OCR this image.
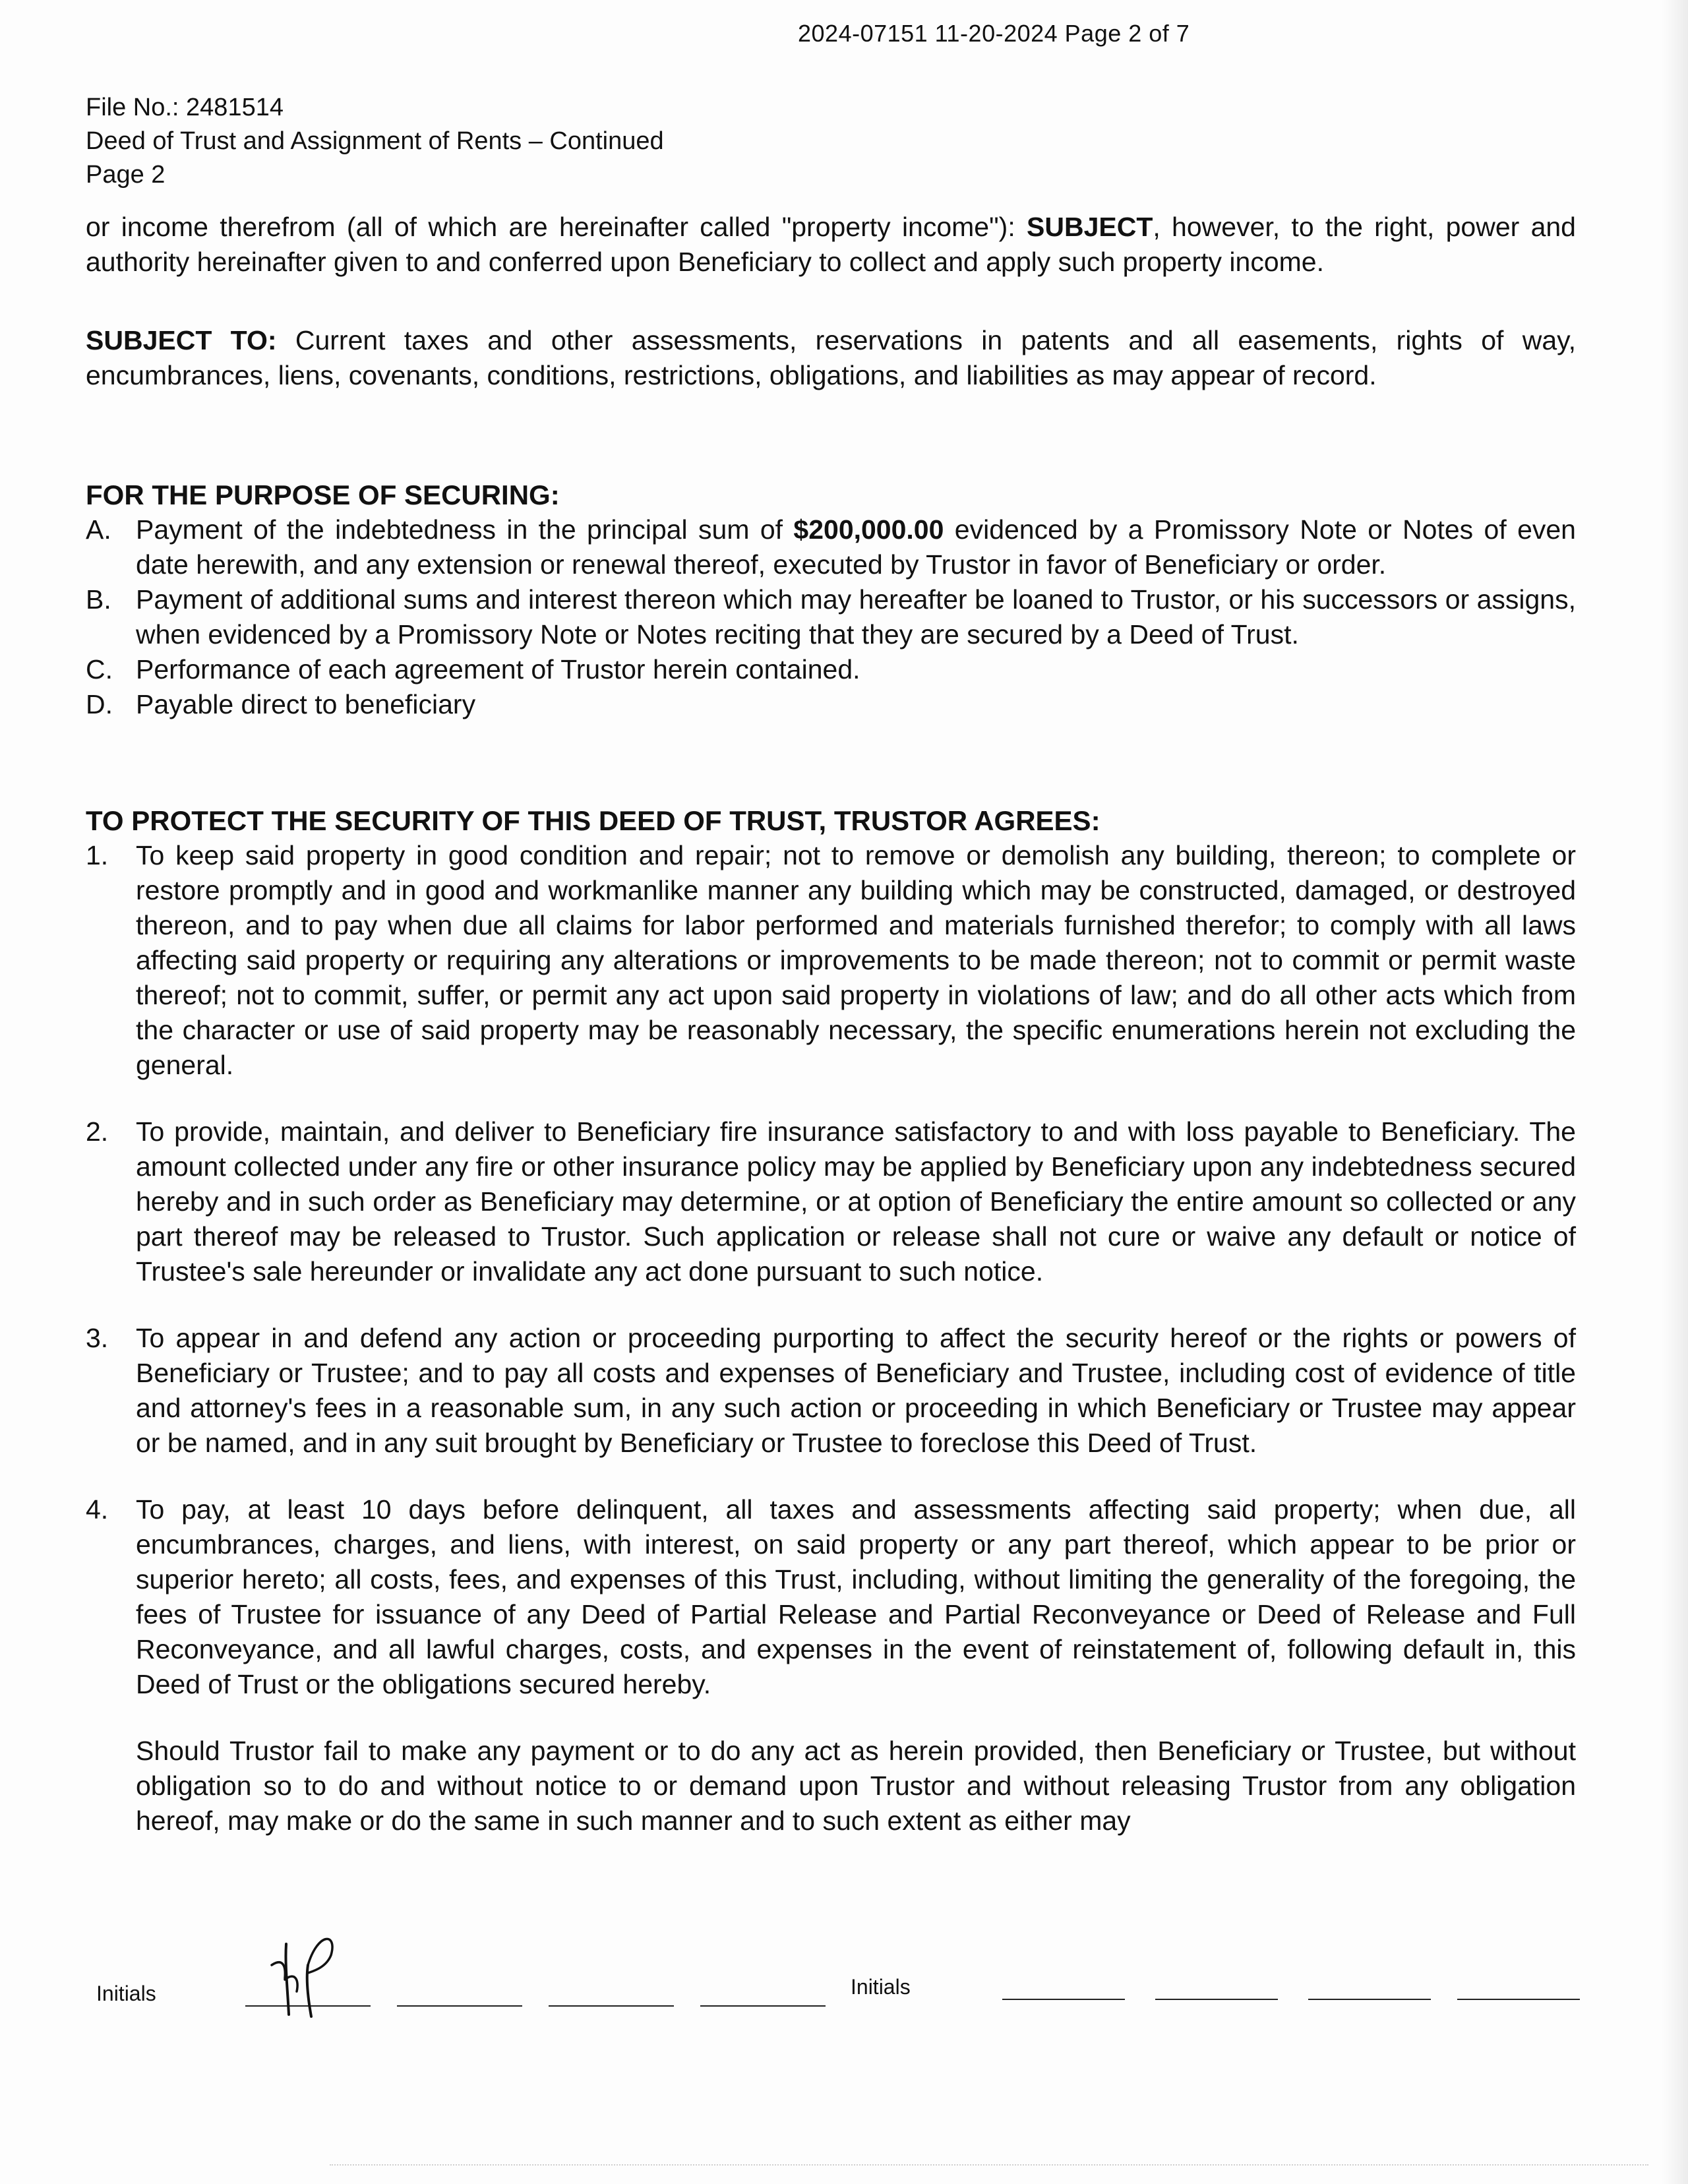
2024-07151 11-20-2024 Page 2 of 7
File No.: 2481514
Deed of Trust and Assignment of Rents – Continued
Page 2

or income therefrom (all of which are hereinafter called "property income"): SUBJECT, however, to the right, power and authority hereinafter given to and conferred upon Beneficiary to collect and apply such property income.

SUBJECT TO: Current taxes and other assessments, reservations in patents and all easements, rights of way, encumbrances, liens, covenants, conditions, restrictions, obligations, and liabilities as may appear of record.

FOR THE PURPOSE OF SECURING:
A. Payment of the indebtedness in the principal sum of $200,000.00 evidenced by a Promissory Note or Notes of even date herewith, and any extension or renewal thereof, executed by Trustor in favor of Beneficiary or order.
B. Payment of additional sums and interest thereon which may hereafter be loaned to Trustor, or his successors or assigns, when evidenced by a Promissory Note or Notes reciting that they are secured by a Deed of Trust.
C. Performance of each agreement of Trustor herein contained.
D. Payable direct to beneficiary
TO PROTECT THE SECURITY OF THIS DEED OF TRUST, TRUSTOR AGREES:
1. To keep said property in good condition and repair; not to remove or demolish any building, thereon; to complete or restore promptly and in good and workmanlike manner any building which may be constructed, damaged, or destroyed thereon, and to pay when due all claims for labor performed and materials furnished therefor; to comply with all laws affecting said property or requiring any alterations or improvements to be made thereon; not to commit or permit waste thereof; not to commit, suffer, or permit any act upon said property in violations of law; and do all other acts which from the character or use of said property may be reasonably necessary, the specific enumerations herein not excluding the general.
2. To provide, maintain, and deliver to Beneficiary fire insurance satisfactory to and with loss payable to Beneficiary. The amount collected under any fire or other insurance policy may be applied by Beneficiary upon any indebtedness secured hereby and in such order as Beneficiary may determine, or at option of Beneficiary the entire amount so collected or any part thereof may be released to Trustor. Such application or release shall not cure or waive any default or notice of Trustee's sale hereunder or invalidate any act done pursuant to such notice.
3. To appear in and defend any action or proceeding purporting to affect the security hereof or the rights or powers of Beneficiary or Trustee; and to pay all costs and expenses of Beneficiary and Trustee, including cost of evidence of title and attorney's fees in a reasonable sum, in any such action or proceeding in which Beneficiary or Trustee may appear or be named, and in any suit brought by Beneficiary or Trustee to foreclose this Deed of Trust.
4. To pay, at least 10 days before delinquent, all taxes and assessments affecting said property; when due, all encumbrances, charges, and liens, with interest, on said property or any part thereof, which appear to be prior or superior hereto; all costs, fees, and expenses of this Trust, including, without limiting the generality of the foregoing, the fees of Trustee for issuance of any Deed of Partial Release and Partial Reconveyance or Deed of Release and Full Reconveyance, and all lawful charges, costs, and expenses in the event of reinstatement of, following default in, this Deed of Trust or the obligations secured hereby.
Should Trustor fail to make any payment or to do any act as herein provided, then Beneficiary or Trustee, but without obligation so to do and without notice to or demand upon Trustor and without releasing Trustor from any obligation hereof, may make or do the same in such manner and to such extent as either may
Initials	Initials
